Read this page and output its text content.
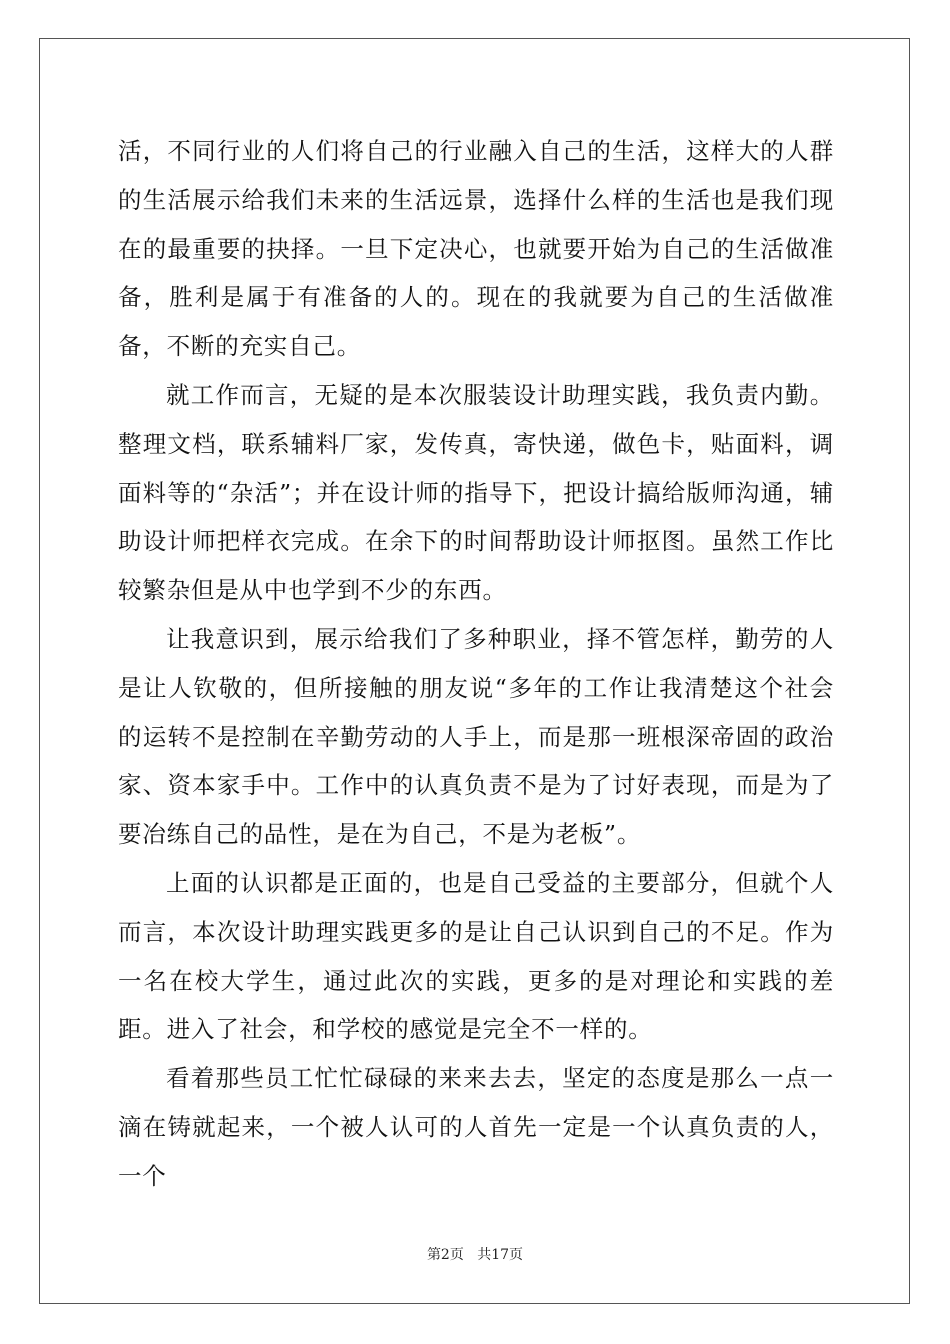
活，不同行业的人们将自己的行业融入自己的生活，这样大的人群的生活展示给我们未来的生活远景，选择什么样的生活也是我们现在的最重要的抉择。一旦下定决心，也就要开始为自己的生活做准备，胜利是属于有准备的人的。现在的我就要为自己的生活做准备，不断的充实自己。

就工作而言，无疑的是本次服装设计助理实践，我负责内勤。整理文档，联系辅料厂家，发传真，寄快递，做色卡，贴面料，调面料等的“杂活”；并在设计师的指导下，把设计搞给版师沟通，辅助设计师把样衣完成。在余下的时间帮助设计师抠图。虽然工作比较繁杂但是从中也学到不少的东西。

让我意识到，展示给我们了多种职业，择不管怎样，勤劳的人是让人钦敬的，但所接触的朋友说“多年的工作让我清楚这个社会的运转不是控制在辛勤劳动的人手上，而是那一班根深帝固的政治家、资本家手中。工作中的认真负责不是为了讨好表现，而是为了要冶练自己的品性，是在为自己，不是为老板”。

上面的认识都是正面的，也是自己受益的主要部分，但就个人而言，本次设计助理实践更多的是让自己认识到自己的不足。作为一名在校大学生，通过此次的实践，更多的是对理论和实践的差距。进入了社会，和学校的感觉是完全不一样的。

看着那些员工忙忙碌碌的来来去去，坚定的态度是那么一点一滴在铸就起来，一个被人认可的人首先一定是一个认真负责的人，一个

第2页 共17页
